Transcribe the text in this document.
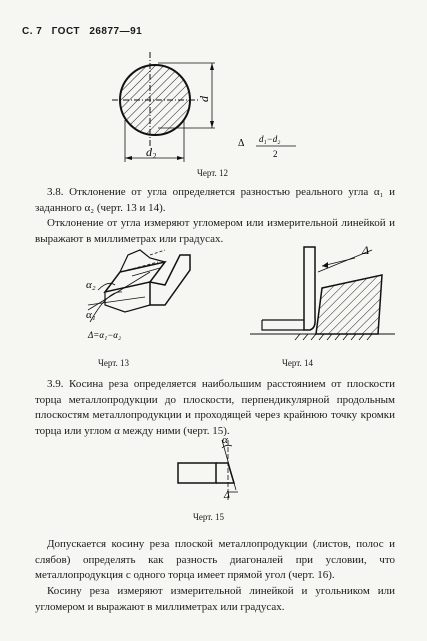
С. 7 ГОСТ 26877—91
d
d 2
Δ d₁−d₂
2
Черт. 12
3.8. Отклонение от угла определяется разностью реального угла α₁ и заданного α₂ (черт. 13 и 14).
Отклонение от угла измеряют угломером или измерительной линейкой и выражают в миллиметрах или градусах.
α₂
α₁
Δ=α₁−α₂
Черт. 13
Δ
Черт. 14
3.9. Косина реза определяется наибольшим расстоянием от плоскости торца металлопродукции до плоскости, перпендикулярной продольным плоскостям металлопродукции и проходящей через крайнюю точку кромки торца или углом α между ними (черт. 15).
α
Δ
Черт. 15
Допускается косину реза плоской металлопродукции (листов, полос и слябов) определять как разность диагоналей при условии, что металлопродукция с одного торца имеет прямой угол (черт. 16).
Косину реза измеряют измерительной линейкой и угольником или угломером и выражают в миллиметрах или градусах.
